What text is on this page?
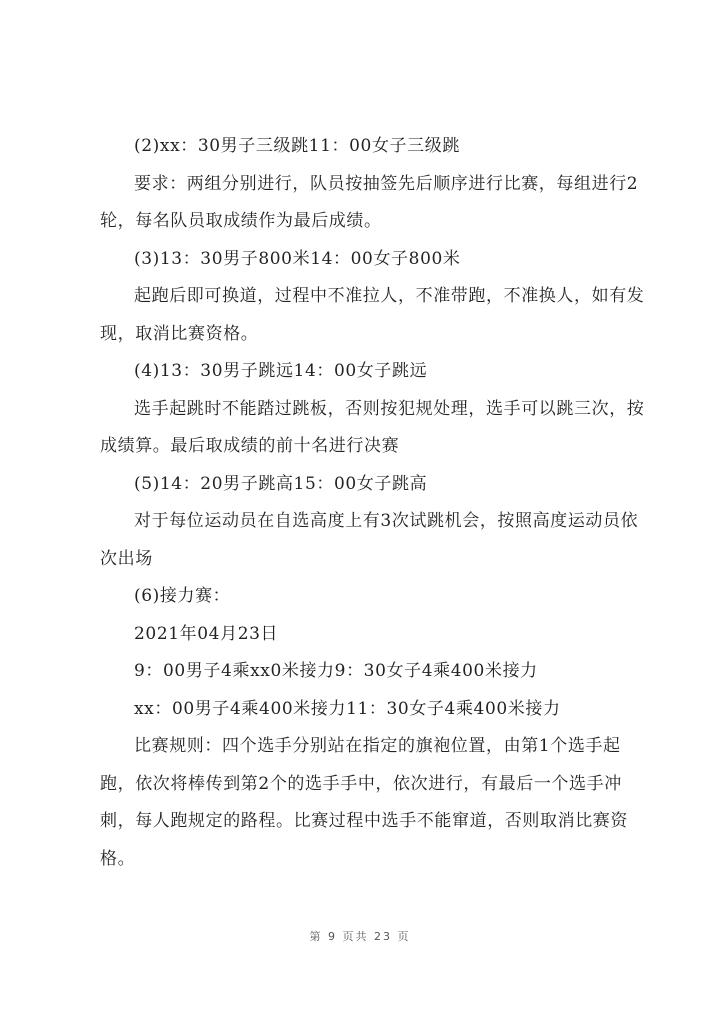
(2)xx：30男子三级跳11：00女子三级跳

要求：两组分别进行，队员按抽签先后顺序进行比赛，每组进行2轮，每名队员取成绩作为最后成绩。

(3)13：30男子800米14：00女子800米

起跑后即可换道，过程中不准拉人，不准带跑，不准换人，如有发现，取消比赛资格。

(4)13：30男子跳远14：00女子跳远

选手起跳时不能踏过跳板，否则按犯规处理，选手可以跳三次，按成绩算。最后取成绩的前十名进行决赛

(5)14：20男子跳高15：00女子跳高

对于每位运动员在自选高度上有3次试跳机会，按照高度运动员依次出场

(6)接力赛：

2021年04月23日

9：00男子4乘xx0米接力9：30女子4乘400米接力

xx：00男子4乘400米接力11：30女子4乘400米接力

比赛规则：四个选手分别站在指定的旗袍位置，由第1个选手起跑，依次将棒传到第2个的选手手中，依次进行，有最后一个选手冲刺，每人跑规定的路程。比赛过程中选手不能窜道，否则取消比赛资格。

第 9 页共 23 页
